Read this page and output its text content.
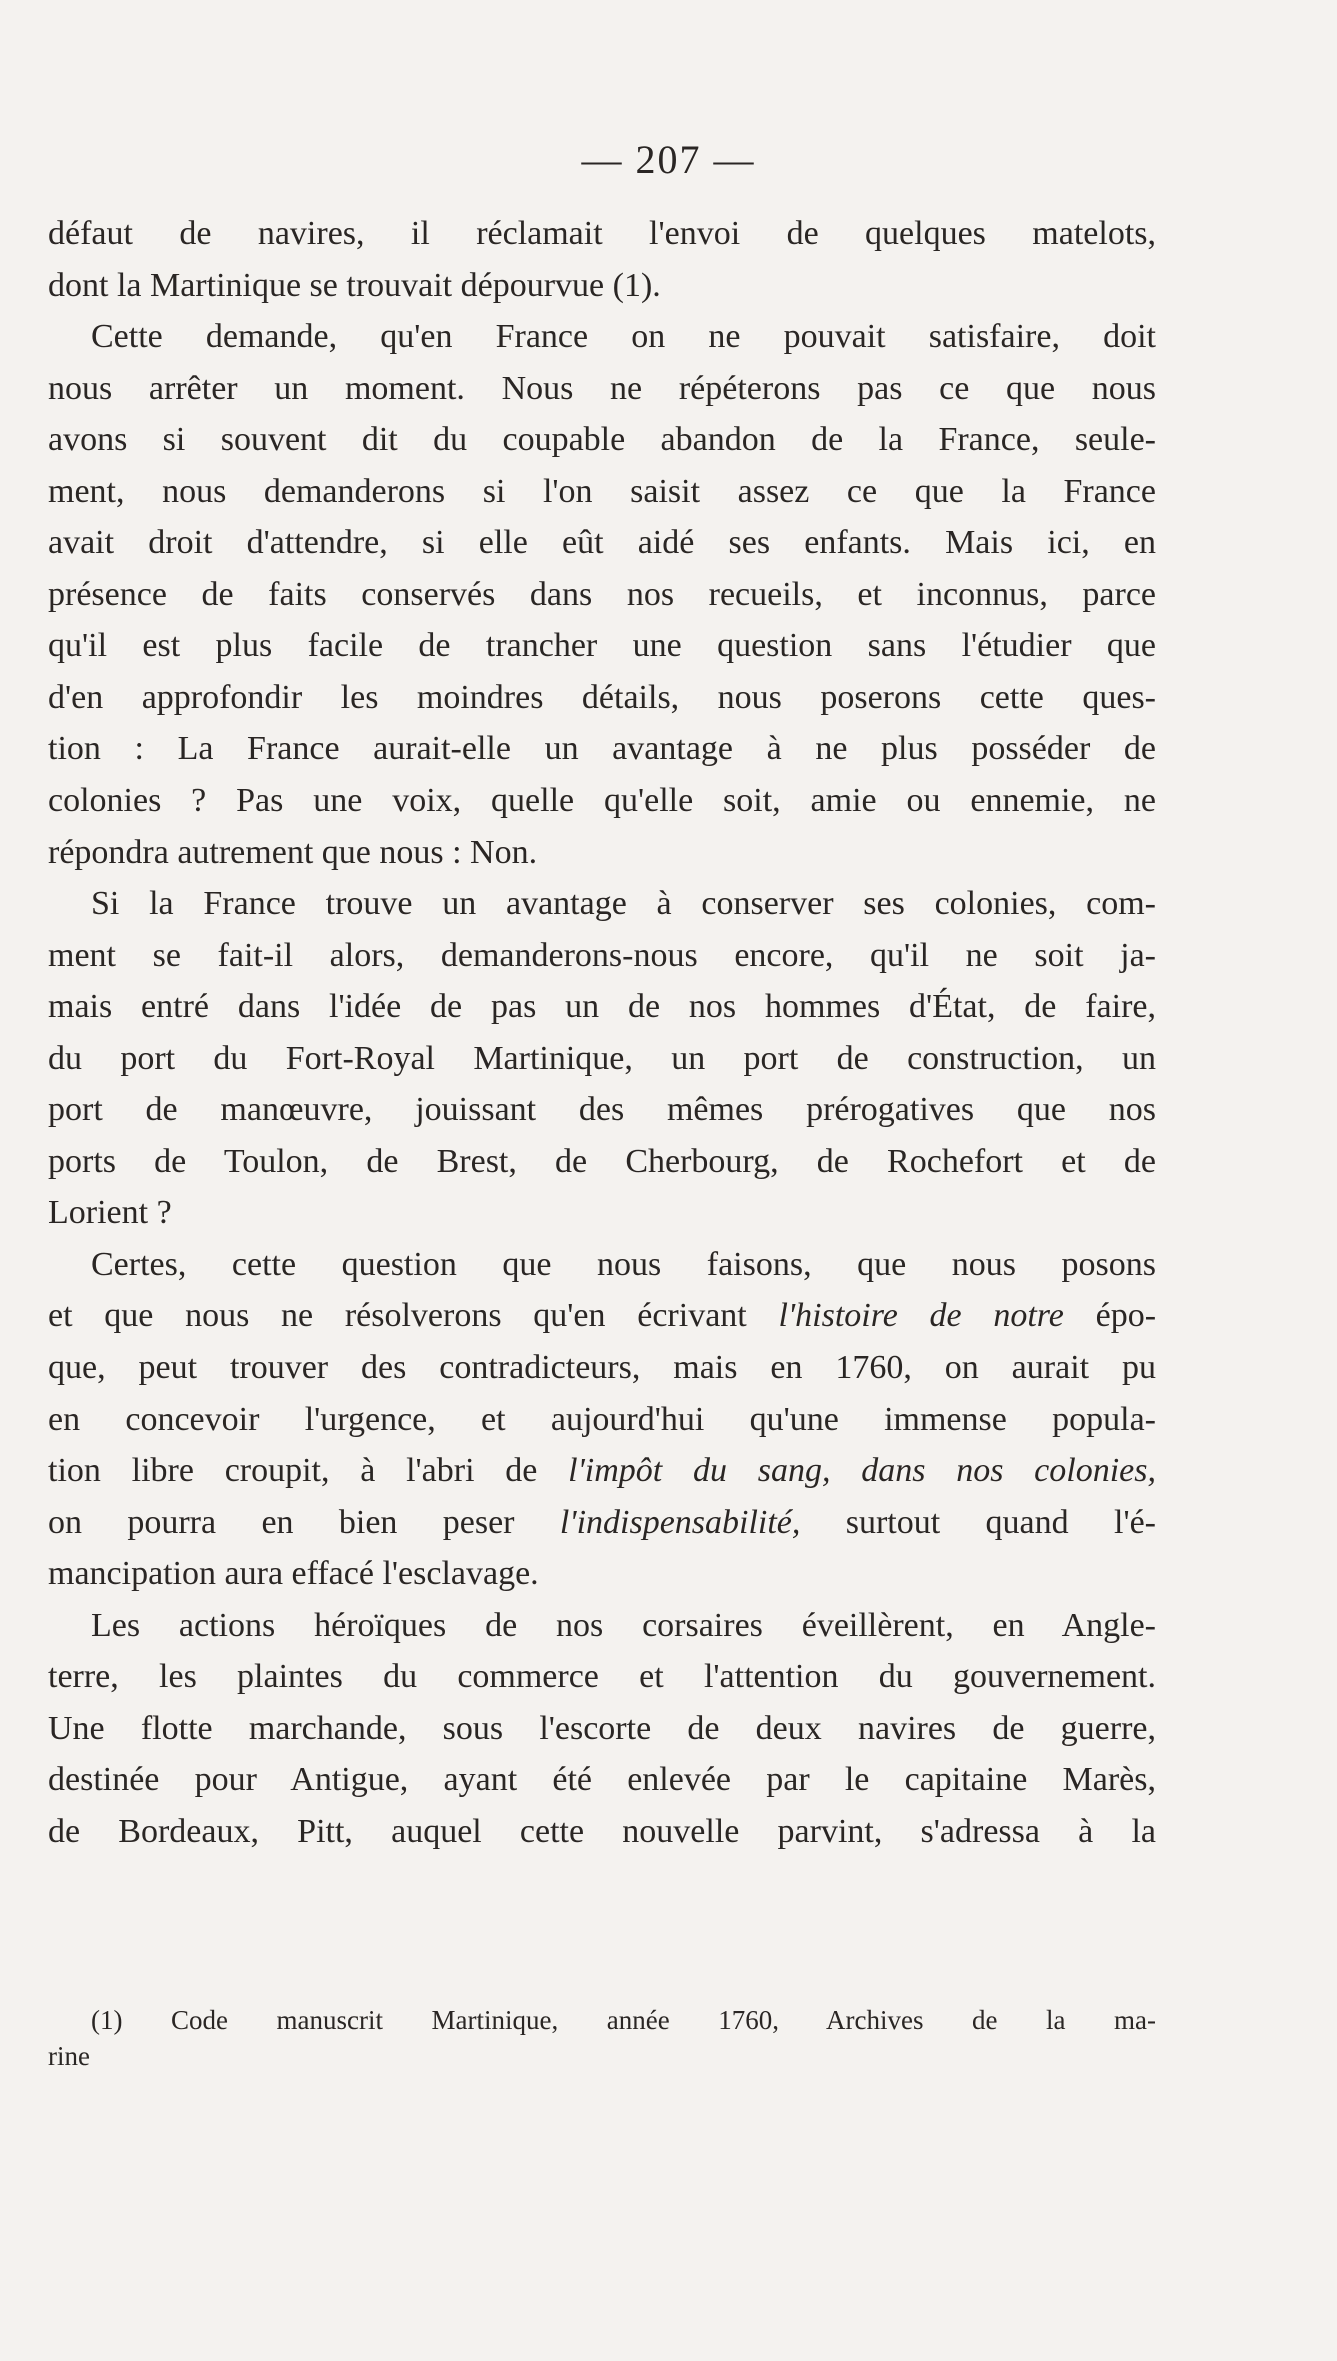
— 207 —
défaut de navires, il réclamait l'envoi de quelques matelots,
dont la Martinique se trouvait dépourvue (1).
Cette demande, qu'en France on ne pouvait satisfaire, doit
nous arrêter un moment. Nous ne répéterons pas ce que nous
avons si souvent dit du coupable abandon de la France, seule-
ment, nous demanderons si l'on saisit assez ce que la France
avait droit d'attendre, si elle eût aidé ses enfants. Mais ici, en
présence de faits conservés dans nos recueils, et inconnus, parce
qu'il est plus facile de trancher une question sans l'étudier que
d'en approfondir les moindres détails, nous poserons cette ques-
tion : La France aurait-elle un avantage à ne plus posséder de
colonies ? Pas une voix, quelle qu'elle soit, amie ou ennemie, ne
répondra autrement que nous : Non.
Si la France trouve un avantage à conserver ses colonies, com-
ment se fait-il alors, demanderons-nous encore, qu'il ne soit ja-
mais entré dans l'idée de pas un de nos hommes d'État, de faire,
du port du Fort-Royal Martinique, un port de construction, un
port de manœuvre, jouissant des mêmes prérogatives que nos
ports de Toulon, de Brest, de Cherbourg, de Rochefort et de
Lorient ?
Certes, cette question que nous faisons, que nous posons
et que nous ne résolverons qu'en écrivant l'histoire de notre épo-
que, peut trouver des contradicteurs, mais en 1760, on aurait pu
en concevoir l'urgence, et aujourd'hui qu'une immense popula-
tion libre croupit, à l'abri de l'impôt du sang, dans nos colonies,
on pourra en bien peser l'indispensabilité, surtout quand l'é-
mancipation aura effacé l'esclavage.
Les actions héroïques de nos corsaires éveillèrent, en Angle-
terre, les plaintes du commerce et l'attention du gouvernement.
Une flotte marchande, sous l'escorte de deux navires de guerre,
destinée pour Antigue, ayant été enlevée par le capitaine Marès,
de Bordeaux, Pitt, auquel cette nouvelle parvint, s'adressa à la
(1) Code manuscrit Martinique, année 1760, Archives de la ma-
rine
